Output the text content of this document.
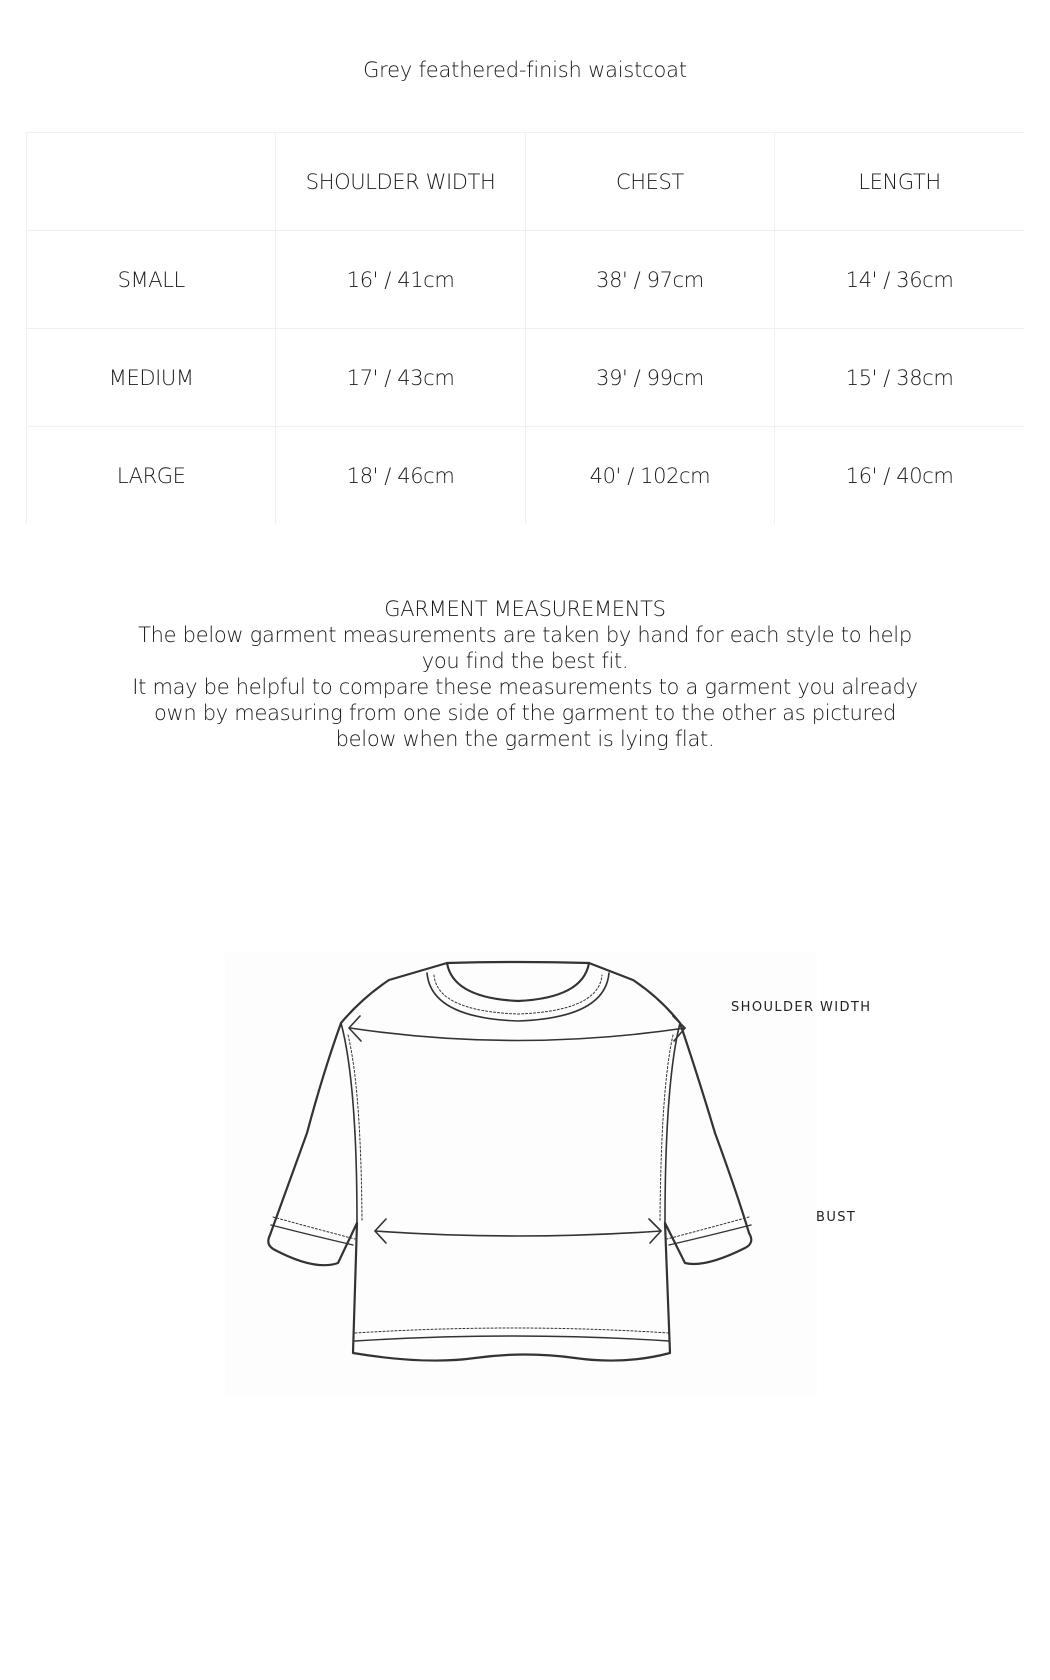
Grey feathered-finish waistcoat
	SHOULDER WIDTH	CHEST	LENGTH
SMALL	16' / 41cm	38' / 97cm	14' / 36cm
MEDIUM	17' / 43cm	39' / 99cm	15' / 38cm
LARGE	18' / 46cm	40' / 102cm	16' / 40cm

GARMENT MEASUREMENTS

The below garment measurements are taken by hand for each style to help you find the best fit.

It may be helpful to compare these measurements to a garment you already own by measuring from one side of the garment to the other as pictured below when the garment is lying flat.

SHOULDER WIDTH
BUST
